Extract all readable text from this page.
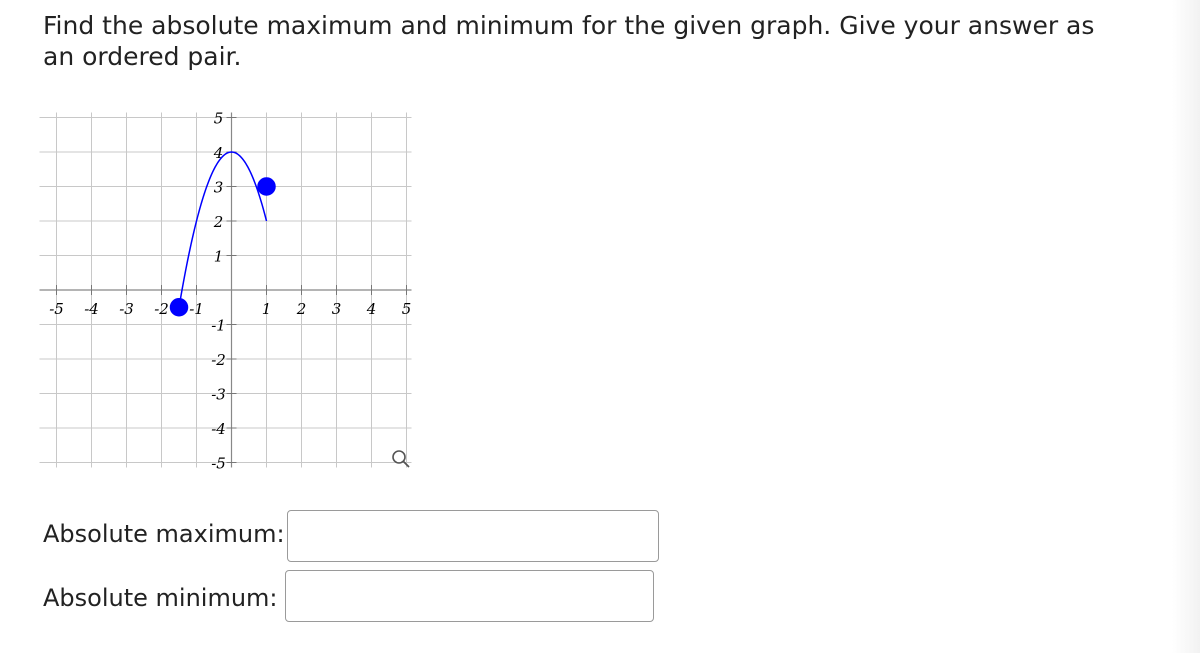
Find the absolute maximum and minimum for the given graph. Give your answer as an ordered pair.

-5 -4 -3 -2 -1	1 2 3 4 5
5
4
3
2
1
-1
-2
-3
-4
-5
Absolute maximum:
Absolute minimum:
